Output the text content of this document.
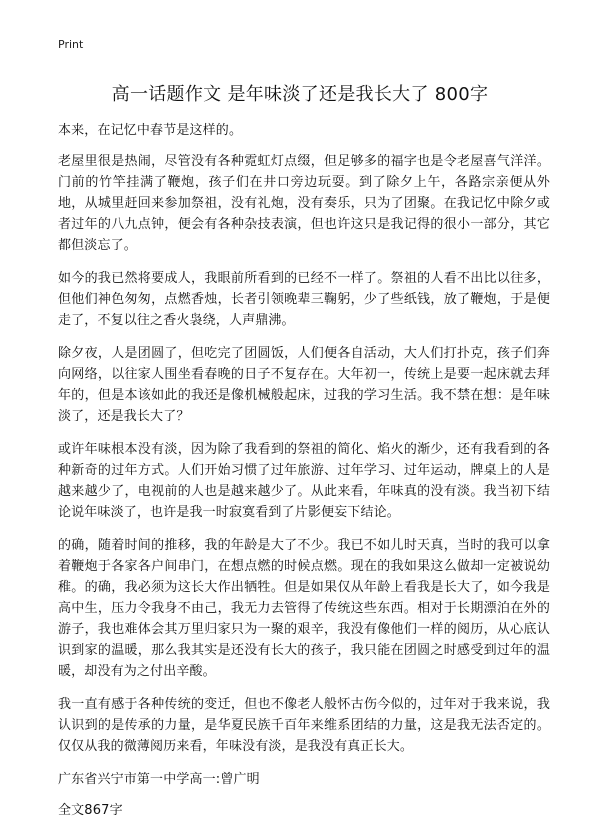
Print
高一话题作文 是年味淡了还是我长大了 800字

本来，在记忆中春节是这样的。

老屋里很是热闹，尽管没有各种霓虹灯点缀，但足够多的福字也是令老屋喜气洋洋。门前的竹竿挂满了鞭炮，孩子们在井口旁边玩耍。到了除夕上午，各路宗亲便从外地，从城里赶回来参加祭祖，没有礼炮，没有奏乐，只为了团聚。在我记忆中除夕或者过年的八九点钟，便会有各种杂技表演，但也许这只是我记得的很小一部分，其它都但淡忘了。

如今的我已然将要成人，我眼前所看到的已经不一样了。祭祖的人看不出比以往多，但他们神色匆匆，点燃香烛，长者引领晚辈三鞠躬，少了些纸钱，放了鞭炮，于是便走了，不复以往之香火袅绕，人声鼎沸。

除夕夜，人是团圆了，但吃完了团圆饭，人们便各自活动，大人们打扑克，孩子们奔向网络，以往家人围坐看春晚的日子不复存在。大年初一，传统上是要一起床就去拜年的，但是本该如此的我还是像机械般起床，过我的学习生活。我不禁在想：是年味淡了，还是我长大了？

或许年味根本没有淡，因为除了我看到的祭祖的简化、焰火的渐少，还有我看到的各种新奇的过年方式。人们开始习惯了过年旅游、过年学习、过年运动，牌桌上的人是越来越少了，电视前的人也是越来越少了。从此来看，年味真的没有淡。我当初下结论说年味淡了，也许是我一时寂寞看到了片影便妄下结论。

的确，随着时间的推移，我的年龄是大了不少。我已不如儿时天真，当时的我可以拿着鞭炮于各家各户间串门，在想点燃的时候点燃。现在的我如果这么做却一定被说幼稚。的确，我必须为这长大作出牺牲。但是如果仅从年龄上看我是长大了，如今我是高中生，压力令我身不由己，我无力去管得了传统这些东西。相对于长期漂泊在外的游子，我也难体会其万里归家只为一聚的艰辛，我没有像他们一样的阅历，从心底认识到家的温暖，那么我其实是还没有长大的孩子，我只能在团圆之时感受到过年的温暖，却没有为之付出辛酸。

我一直有感于各种传统的变迁，但也不像老人般怀古伤今似的，过年对于我来说，我认识到的是传承的力量，是华夏民族千百年来维系团结的力量，这是我无法否定的。仅仅从我的微薄阅历来看，年味没有淡，是我没有真正长大。

广东省兴宁市第一中学高一:曾广明

全文867字
